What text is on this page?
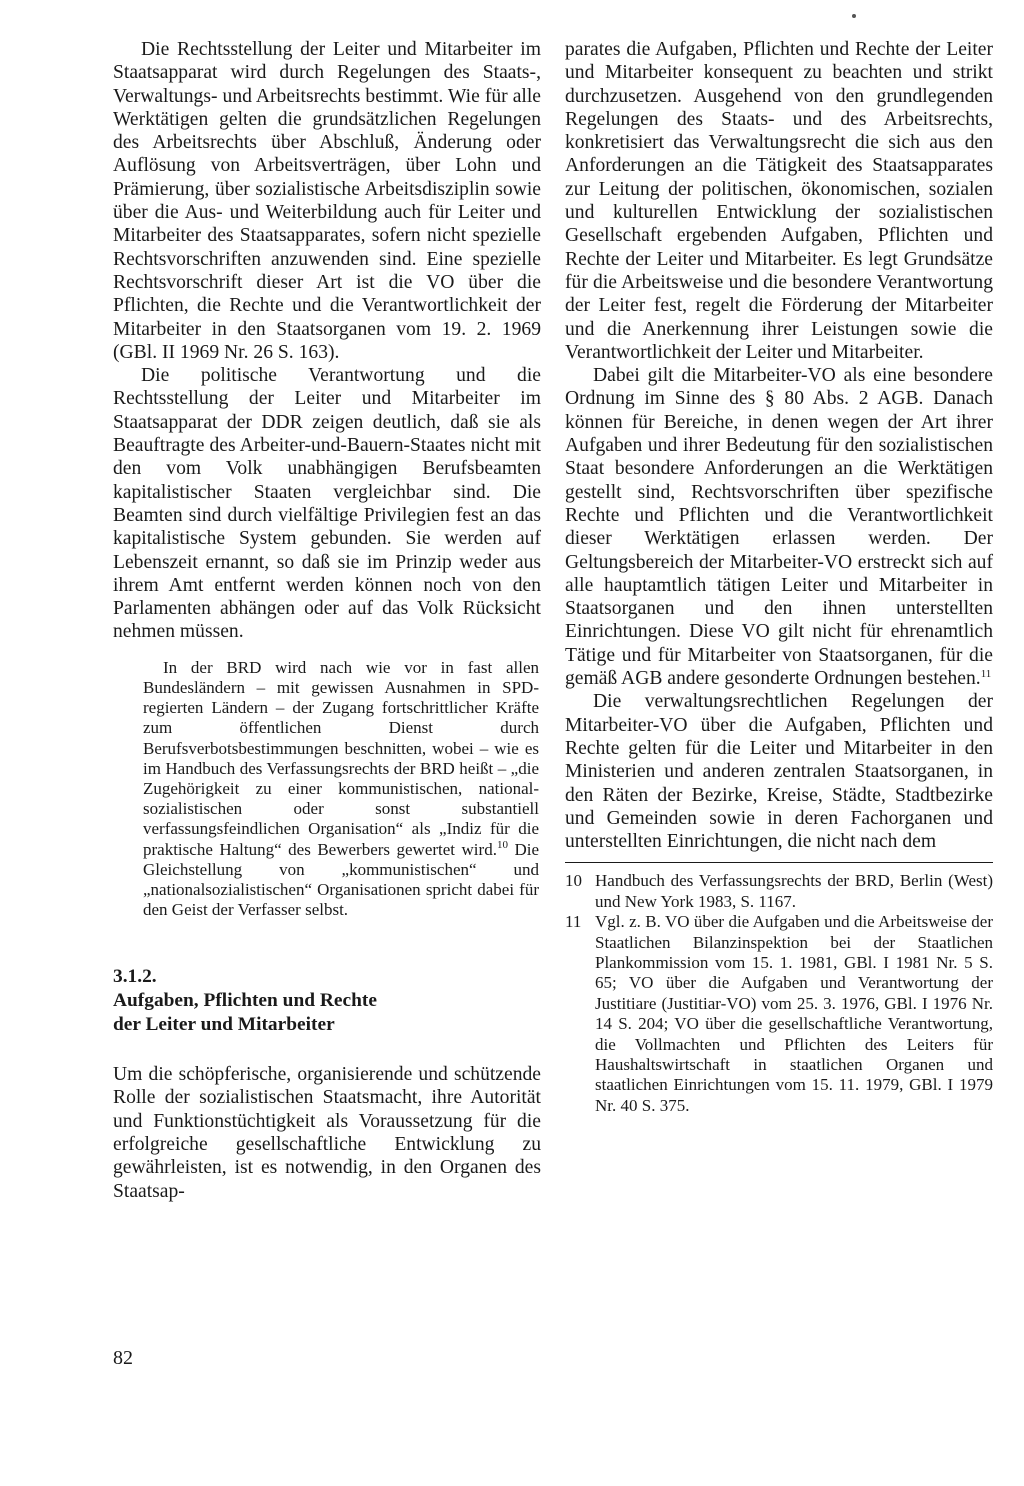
Die Rechtsstellung der Leiter und Mitarbeiter im Staatsapparat wird durch Regelungen des Staats-, Verwaltungs- und Arbeitsrechts bestimmt. Wie für alle Werktätigen gelten die grundsätzlichen Regelungen des Arbeitsrechts über Abschluß, Änderung oder Auflösung von Arbeitsverträgen, über Lohn und Prämierung, über sozialistische Arbeitsdisziplin sowie über die Aus- und Weiterbildung auch für Leiter und Mitarbeiter des Staatsapparates, sofern nicht spezielle Rechtsvorschriften anzuwenden sind. Eine spezielle Rechtsvorschrift dieser Art ist die VO über die Pflichten, die Rechte und die Verantwortlichkeit der Mitarbeiter in den Staatsorganen vom 19. 2. 1969 (GBl. II 1969 Nr. 26 S. 163).

Die politische Verantwortung und die Rechtsstellung der Leiter und Mitarbeiter im Staatsapparat der DDR zeigen deutlich, daß sie als Beauftragte des Arbeiter-und-Bauern-Staates nicht mit den vom Volk unabhängigen Berufsbeamten kapitalistischer Staaten vergleichbar sind. Die Beamten sind durch vielfältige Privilegien fest an das kapitalistische System gebunden. Sie werden auf Lebenszeit ernannt, so daß sie im Prinzip weder aus ihrem Amt entfernt werden können noch von den Parlamenten abhängen oder auf das Volk Rücksicht nehmen müssen.

In der BRD wird nach wie vor in fast allen Bundesländern – mit gewissen Ausnahmen in SPD-regierten Ländern – der Zugang fortschrittlicher Kräfte zum öffentlichen Dienst durch Berufsverbotsbestimmungen beschnitten, wobei – wie es im Handbuch des Verfassungsrechts der BRD heißt – „die Zugehörigkeit zu einer kommunistischen, national-sozialistischen oder sonst substantiell verfassungsfeindlichen Organisation“ als „Indiz für die praktische Haltung“ des Bewerbers gewertet wird.$^{10}$ Die Gleichstellung von „kommunistischen“ und „nationalsozialistischen“ Organisationen spricht dabei für den Geist der Verfasser selbst.

3.1.2.
Aufgaben, Pflichten und Rechte
der Leiter und Mitarbeiter

Um die schöpferische, organisierende und schützende Rolle der sozialistischen Staatsmacht, ihre Autorität und Funktionstüchtigkeit als Voraussetzung für die erfolgreiche gesellschaftliche Entwicklung zu gewährleisten, ist es notwendig, in den Organen des Staatsap-

parates die Aufgaben, Pflichten und Rechte der Leiter und Mitarbeiter konsequent zu beachten und strikt durchzusetzen. Ausgehend von den grundlegenden Regelungen des Staats- und des Arbeitsrechts, konkretisiert das Verwaltungsrecht die sich aus den Anforderungen an die Tätigkeit des Staatsapparates zur Leitung der politischen, ökonomischen, sozialen und kulturellen Entwicklung der sozialistischen Gesellschaft ergebenden Aufgaben, Pflichten und Rechte der Leiter und Mitarbeiter. Es legt Grundsätze für die Arbeitsweise und die besondere Verantwortung der Leiter fest, regelt die Förderung der Mitarbeiter und die Anerkennung ihrer Leistungen sowie die Verantwortlichkeit der Leiter und Mitarbeiter.

Dabei gilt die Mitarbeiter-VO als eine besondere Ordnung im Sinne des § 80 Abs. 2 AGB. Danach können für Bereiche, in denen wegen der Art ihrer Aufgaben und ihrer Bedeutung für den sozialistischen Staat besondere Anforderungen an die Werktätigen gestellt sind, Rechtsvorschriften über spezifische Rechte und Pflichten und die Verantwortlichkeit dieser Werktätigen erlassen werden. Der Geltungsbereich der Mitarbeiter-VO erstreckt sich auf alle hauptamtlich tätigen Leiter und Mitarbeiter in Staatsorganen und den ihnen unterstellten Einrichtungen. Diese VO gilt nicht für ehrenamtlich Tätige und für Mitarbeiter von Staatsorganen, für die gemäß AGB andere gesonderte Ordnungen bestehen.$^{11}$

Die verwaltungsrechtlichen Regelungen der Mitarbeiter-VO über die Aufgaben, Pflichten und Rechte gelten für die Leiter und Mitarbeiter in den Ministerien und anderen zentralen Staatsorganen, in den Räten der Bezirke, Kreise, Städte, Stadtbezirke und Gemeinden sowie in deren Fachorganen und unterstellten Einrichtungen, die nicht nach dem

10 Handbuch des Verfassungsrechts der BRD, Berlin (West) und New York 1983, S. 1167.
11 Vgl. z. B. VO über die Aufgaben und die Arbeitsweise der Staatlichen Bilanzinspektion bei der Staatlichen Plankommission vom 15. 1. 1981, GBl. I 1981 Nr. 5 S. 65; VO über die Aufgaben und Verantwortung der Justitiare (Justitiar-VO) vom 25. 3. 1976, GBl. I 1976 Nr. 14 S. 204; VO über die gesellschaftliche Verantwortung, die Vollmachten und Pflichten des Leiters für Haushaltswirtschaft in staatlichen Organen und staatlichen Einrichtungen vom 15. 11. 1979, GBl. I 1979 Nr. 40 S. 375.
82
